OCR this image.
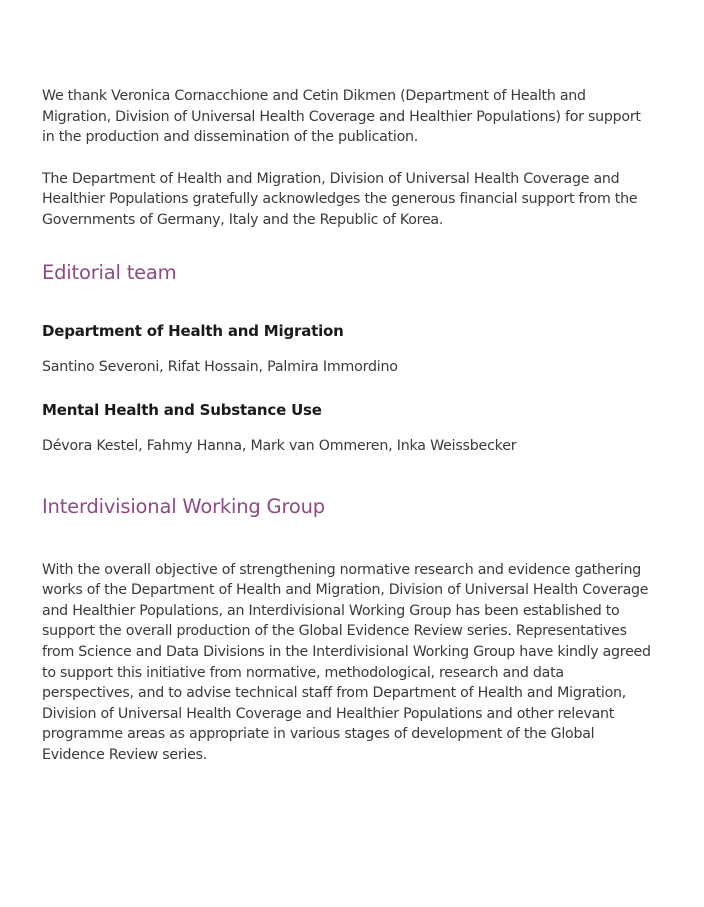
We thank Veronica Cornacchione and Cetin Dikmen (Department of Health and Migration, Division of Universal Health Coverage and Healthier Populations) for support in the production and dissemination of the publication.

The Department of Health and Migration, Division of Universal Health Coverage and Healthier Populations gratefully acknowledges the generous financial support from the Governments of Germany, Italy and the Republic of Korea.

Editorial team
Department of Health and Migration

Santino Severoni, Rifat Hossain, Palmira Immordino

Mental Health and Substance Use

Dévora Kestel, Fahmy Hanna, Mark van Ommeren, Inka Weissbecker

Interdivisional Working Group

With the overall objective of strengthening normative research and evidence gathering works of the Department of Health and Migration, Division of Universal Health Coverage and Healthier Populations, an Interdivisional Working Group has been established to support the overall production of the Global Evidence Review series. Representatives from Science and Data Divisions in the Interdivisional Working Group have kindly agreed to support this initiative from normative, methodological, research and data perspectives, and to advise technical staff from Department of Health and Migration, Division of Universal Health Coverage and Healthier Populations and other relevant programme areas as appropriate in various stages of development of the Global Evidence Review series.
